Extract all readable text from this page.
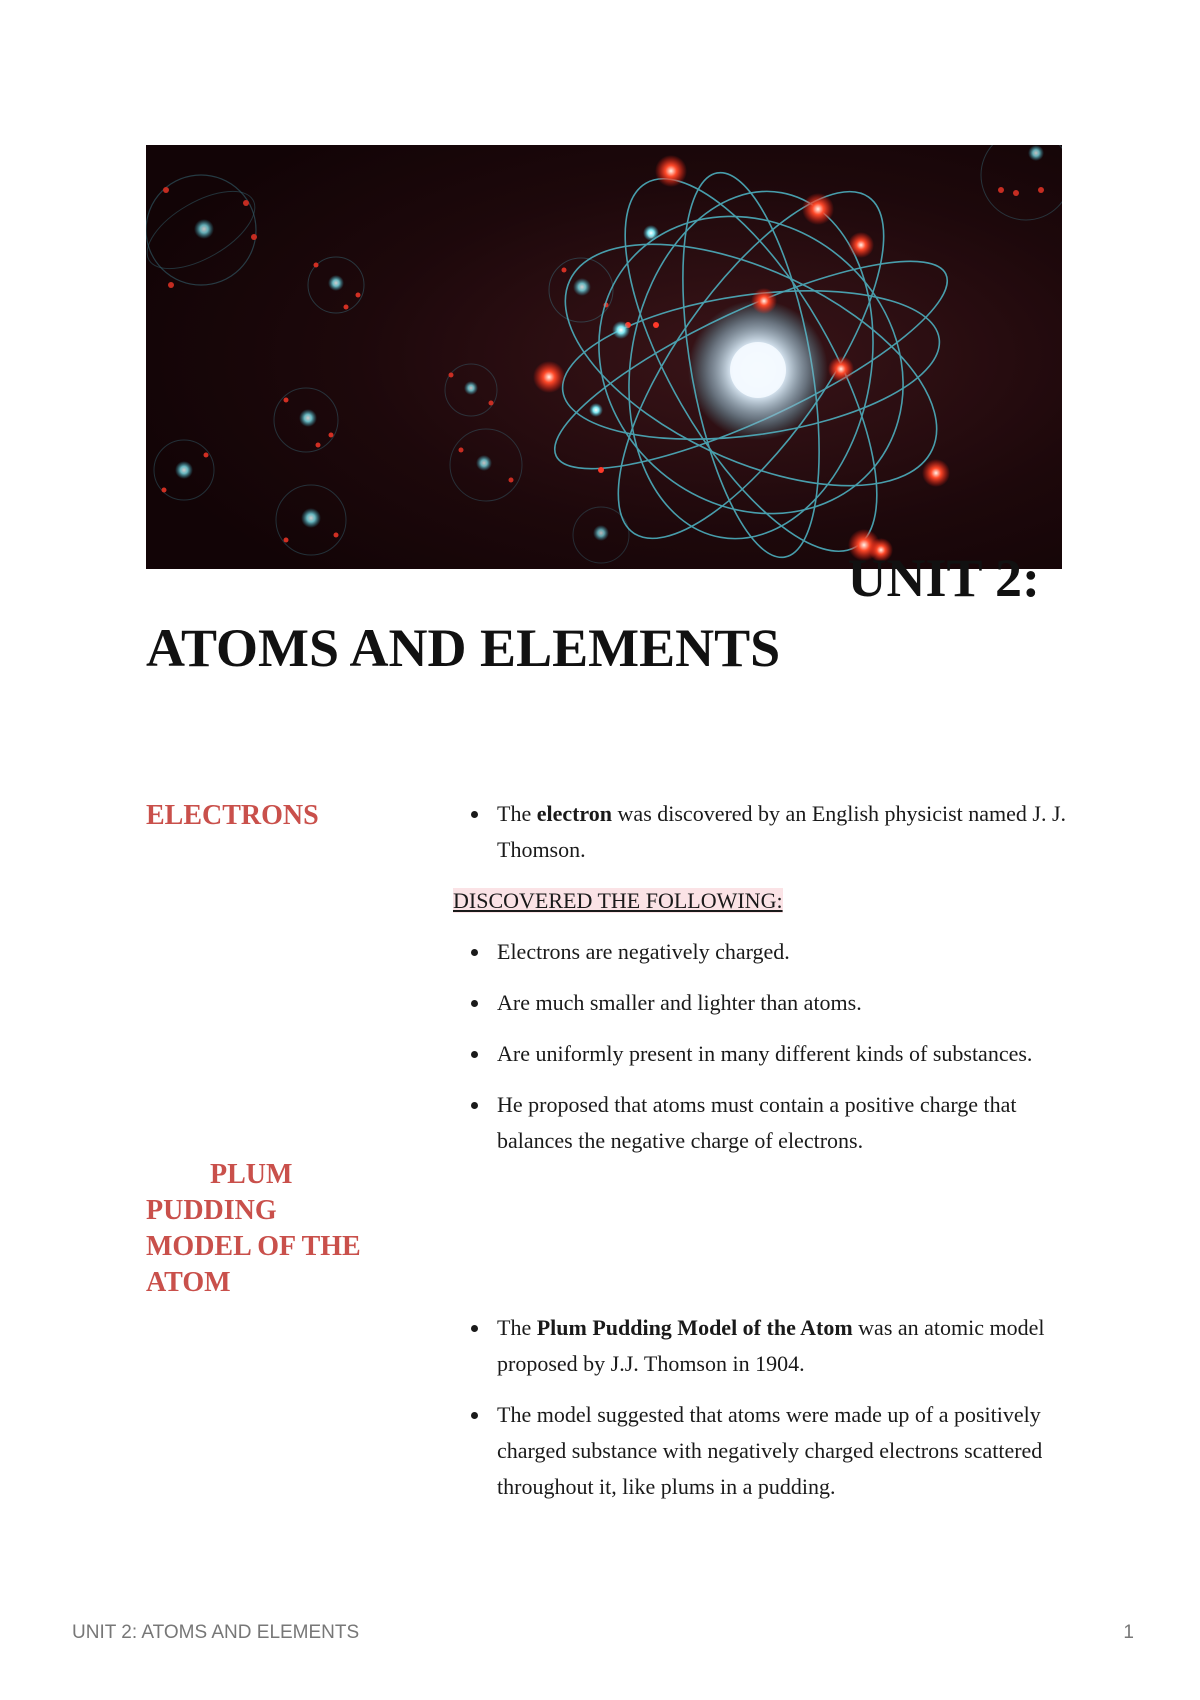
UNIT 2:
ATOMS AND ELEMENTS
ELECTRONS
PLUM
PUDDING
MODEL OF THE
ATOM
The electron was discovered by an English physicist named J. J. Thomson.

DISCOVERED THE FOLLOWING:

Electrons are negatively charged.
Are much smaller and lighter than atoms.
Are uniformly present in many different kinds of substances.
He proposed that atoms must contain a positive charge that balances the negative charge of electrons.
The Plum Pudding Model of the Atom was an atomic model proposed by J.J. Thomson in 1904.
The model suggested that atoms were made up of a positively charged substance with negatively charged electrons scattered throughout it, like plums in a pudding.
UNIT 2: ATOMS AND ELEMENTS	1
